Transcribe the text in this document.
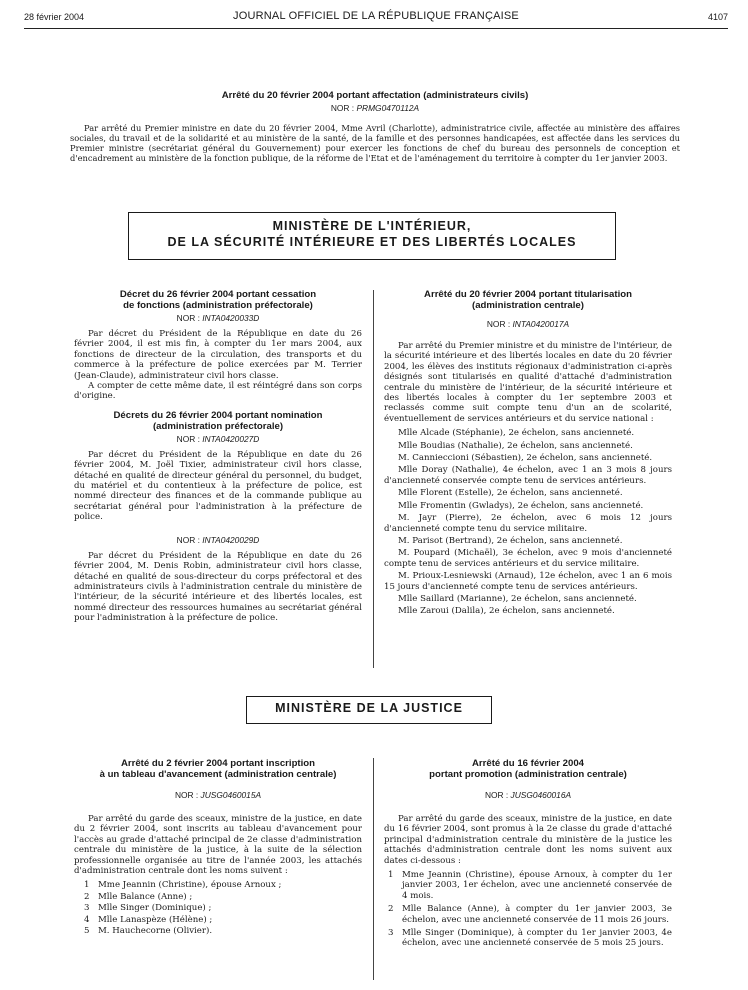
28 février 2004	JOURNAL OFFICIEL DE LA RÉPUBLIQUE FRANÇAISE	4107
Arrêté du 20 février 2004 portant affectation (administrateurs civils)
NOR : PRMG0470112A

Par arrêté du Premier ministre en date du 20 février 2004, Mme Avril (Charlotte), administratrice civile, affectée au ministère des affaires sociales, du travail et de la solidarité et au ministère de la santé, de la famille et des personnes handicapées, est affectée dans les services du Premier ministre (secrétariat général du Gouvernement) pour exercer les fonctions de chef du bureau des personnels de conception et d'encadrement au ministère de la fonction publique, de la réforme de l'Etat et de l'aménagement du territoire à compter du 1er janvier 2003.

MINISTÈRE DE L'INTÉRIEUR,
DE LA SÉCURITÉ INTÉRIEURE ET DES LIBERTÉS LOCALES
Décret du 26 février 2004 portant cessation
de fonctions (administration préfectorale)
NOR : INTA0420033D

Par décret du Président de la République en date du 26 février 2004, il est mis fin, à compter du 1er mars 2004, aux fonctions de directeur de la circulation, des transports et du commerce à la préfecture de police exercées par M. Terrier (Jean-Claude), administrateur civil hors classe.

A compter de cette même date, il est réintégré dans son corps d'origine.

Décrets du 26 février 2004 portant nomination
(administration préfectorale)
NOR : INTA0420027D

Par décret du Président de la République en date du 26 février 2004, M. Joël Tixier, administrateur civil hors classe, détaché en qualité de directeur général du personnel, du budget, du matériel et du contentieux à la préfecture de police, est nommé directeur des finances et de la commande publique au secrétariat général pour l'administration à la préfecture de police.

NOR : INTA0420029D

Par décret du Président de la République en date du 26 février 2004, M. Denis Robin, administrateur civil hors classe, détaché en qualité de sous-directeur du corps préfectoral et des administrateurs civils à l'administration centrale du ministère de l'intérieur, de la sécurité intérieure et des libertés locales, est nommé directeur des ressources humaines au secrétariat général pour l'administration à la préfecture de police.

Arrêté du 20 février 2004 portant titularisation
(administration centrale)
NOR : INTA0420017A

Par arrêté du Premier ministre et du ministre de l'intérieur, de la sécurité intérieure et des libertés locales en date du 20 février 2004, les élèves des instituts régionaux d'administration ci-après désignés sont titularisés en qualité d'attaché d'administration centrale du ministère de l'intérieur, de la sécurité intérieure et des libertés locales à compter du 1er septembre 2003 et reclassés comme suit compte tenu d'un an de scolarité, éventuellement de services antérieurs et du service national :

Mlle Alcade (Stéphanie), 2e échelon, sans ancienneté.
Mlle Boudias (Nathalie), 2e échelon, sans ancienneté.
M. Cannieccioni (Sébastien), 2e échelon, sans ancienneté.
Mlle Doray (Nathalie), 4e échelon, avec 1 an 3 mois 8 jours d'ancienneté conservée compte tenu de services antérieurs.
Mlle Florent (Estelle), 2e échelon, sans ancienneté.
Mlle Fromentin (Gwladys), 2e échelon, sans ancienneté.
M. Jayr (Pierre), 2e échelon, avec 6 mois 12 jours d'ancienneté compte tenu du service militaire.
M. Parisot (Bertrand), 2e échelon, sans ancienneté.
M. Poupard (Michaël), 3e échelon, avec 9 mois d'ancienneté compte tenu de services antérieurs et du service militaire.
M. Prioux-Lesniewski (Arnaud), 12e échelon, avec 1 an 6 mois 15 jours d'ancienneté compte tenu de services antérieurs.
Mlle Saillard (Marianne), 2e échelon, sans ancienneté.
Mlle Zaroui (Dalila), 2e échelon, sans ancienneté.
MINISTÈRE DE LA JUSTICE
Arrêté du 2 février 2004 portant inscription
à un tableau d'avancement (administration centrale)
NOR : JUSG0460015A

Par arrêté du garde des sceaux, ministre de la justice, en date du 2 février 2004, sont inscrits au tableau d'avancement pour l'accès au grade d'attaché principal de 2e classe d'administration centrale du ministère de la justice, à la suite de la sélection professionnelle organisée au titre de l'année 2003, les attachés d'administration centrale dont les noms suivent :

1 Mme Jeannin (Christine), épouse Arnoux ;
2 Mlle Balance (Anne) ;
3 Mlle Singer (Dominique) ;
4 Mlle Lanaspèze (Hélène) ;
5 M. Hauchecorne (Olivier).
Arrêté du 16 février 2004
portant promotion (administration centrale)
NOR : JUSG0460016A

Par arrêté du garde des sceaux, ministre de la justice, en date du 16 février 2004, sont promus à la 2e classe du grade d'attaché principal d'administration centrale du ministère de la justice les attachés d'administration centrale dont les noms suivent aux dates ci-dessous :

1 Mme Jeannin (Christine), épouse Arnoux, à compter du 1er janvier 2003, 1er échelon, avec une ancienneté conservée de 4 mois.
2 Mlle Balance (Anne), à compter du 1er janvier 2003, 3e échelon, avec une ancienneté conservée de 11 mois 26 jours.
3 Mlle Singer (Dominique), à compter du 1er janvier 2003, 4e échelon, avec une ancienneté conservée de 5 mois 25 jours.
